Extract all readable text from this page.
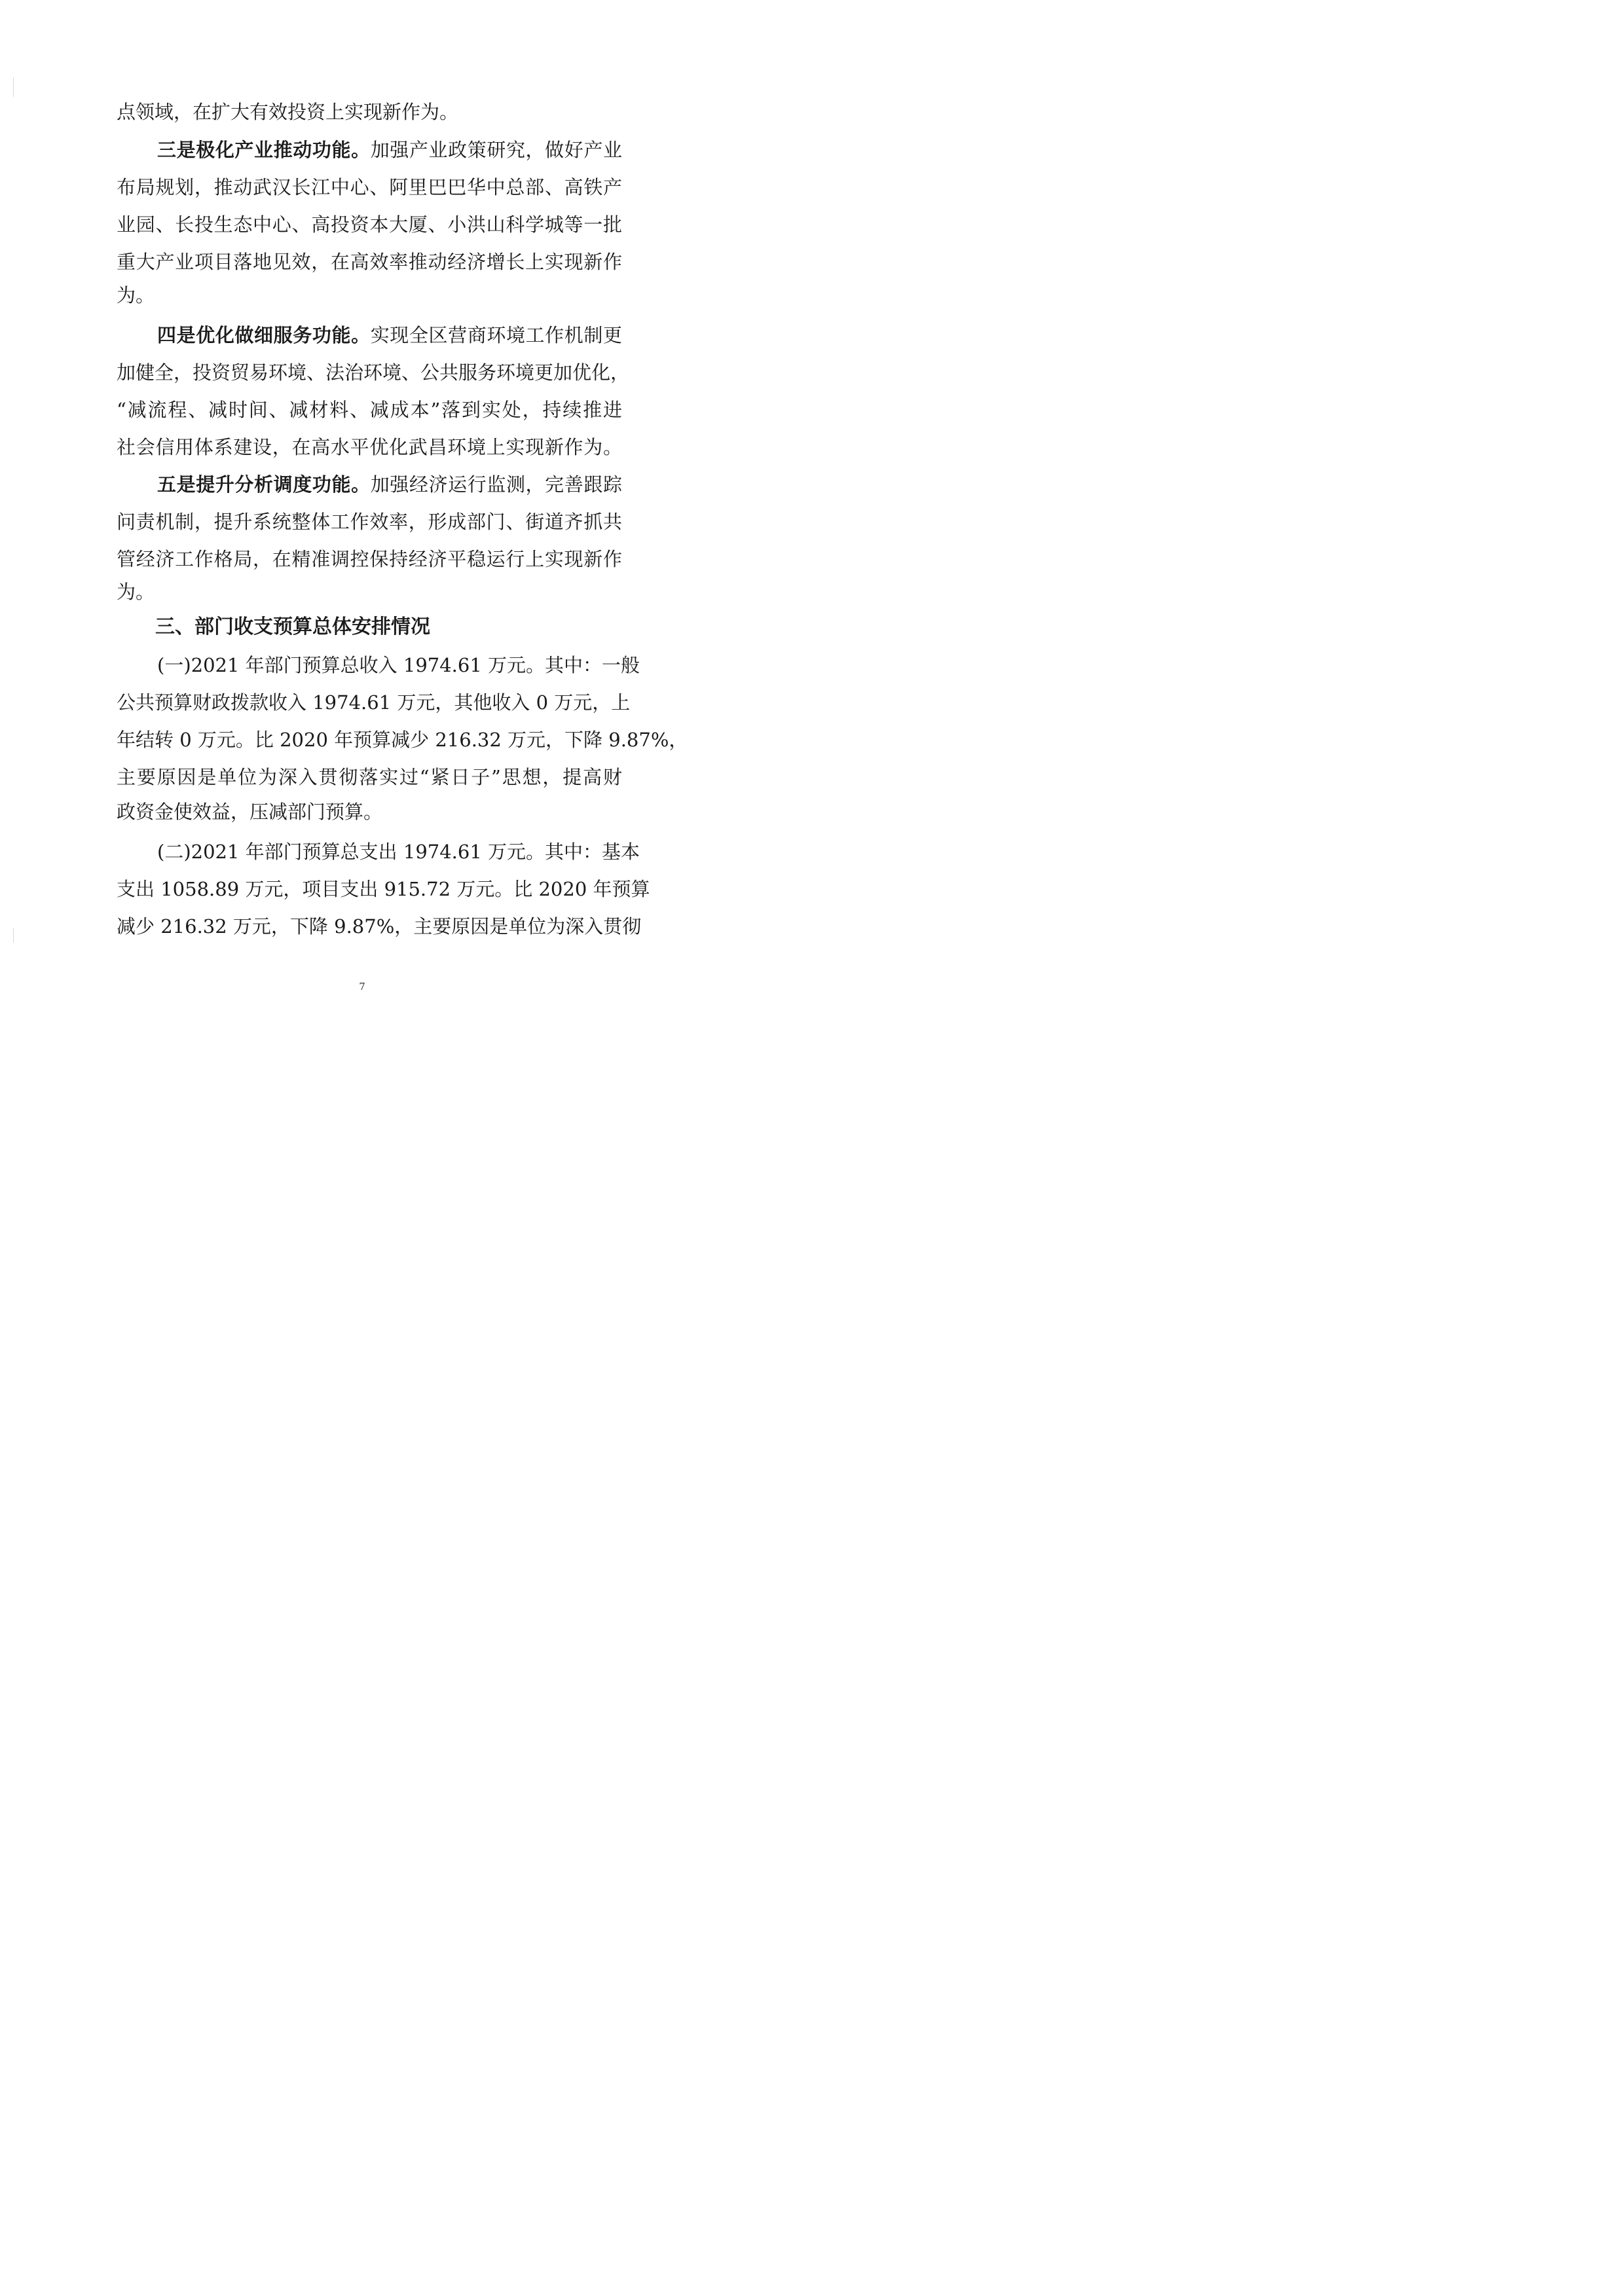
点领域，在扩大有效投资上实现新作为。
三是极化产业推动功能。加强产业政策研究，做好产业
布局规划，推动武汉长江中心、阿里巴巴华中总部、高铁产
业园、长投生态中心、高投资本大厦、小洪山科学城等一批
重大产业项目落地见效，在高效率推动经济增长上实现新作
为。
四是优化做细服务功能。实现全区营商环境工作机制更
加健全，投资贸易环境、法治环境、公共服务环境更加优化，
“减流程、减时间、减材料、减成本”落到实处，持续推进
社会信用体系建设，在高水平优化武昌环境上实现新作为。
五是提升分析调度功能。加强经济运行监测，完善跟踪
问责机制，提升系统整体工作效率，形成部门、街道齐抓共
管经济工作格局，在精准调控保持经济平稳运行上实现新作
为。
三、部门收支预算总体安排情况
(一)2021 年部门预算总收入 1974.61 万元。其中：一般
公共预算财政拨款收入 1974.61 万元，其他收入 0 万元，上
年结转 0 万元。比 2020 年预算减少 216.32 万元，下降 9.87%，
主要原因是单位为深入贯彻落实过“紧日子”思想，提高财
政资金使效益，压减部门预算。
(二)2021 年部门预算总支出 1974.61 万元。其中：基本
支出 1058.89 万元，项目支出 915.72 万元。比 2020 年预算
减少 216.32 万元，下降 9.87%，主要原因是单位为深入贯彻
7
